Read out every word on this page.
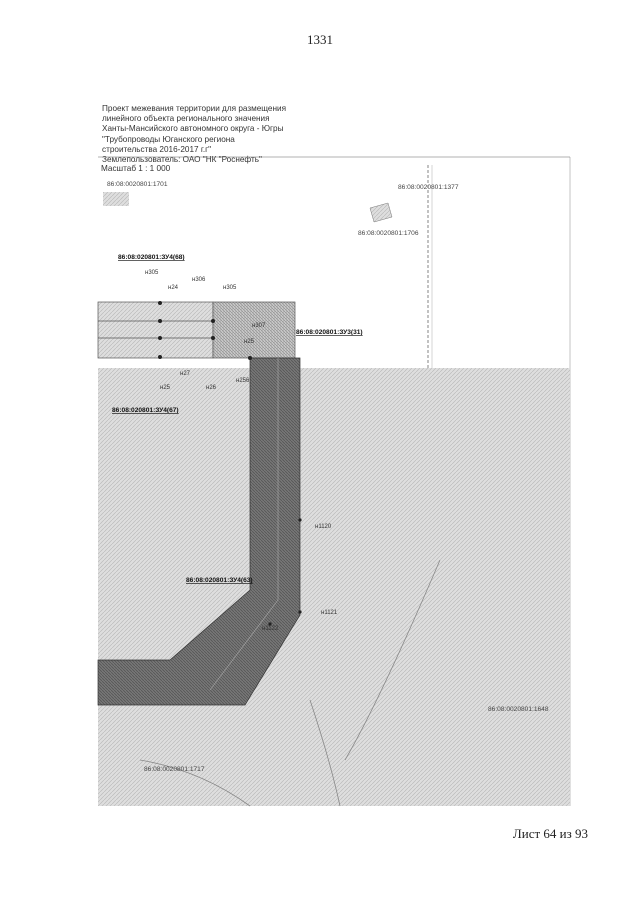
1331
Проект межевания территории для размещения
линейного объекта регионального значения
Ханты-Мансийского автономного округа - Югры
"Трубопроводы Юганского региона
строительства 2016-2017 г.г"
Землепользователь: ОАО "НК "Роснефть"
Масштаб 1 : 1 000
86:08:0020801:1701	86:08:0020801:1377
86:08:0020801:1706
86:08:020801:ЗУ4(68)
86:08:020801:ЗУ3(31)
86:08:020801:ЗУ4(67)
86:08:020801:ЗУ4(63)
86:08:0020801:1648
86:08:0020801:1717
н305
н306
н24	н305
н307
н25
н27
н256
н25	н26
н1120
н1121
н1122
Лист 64 из 93
